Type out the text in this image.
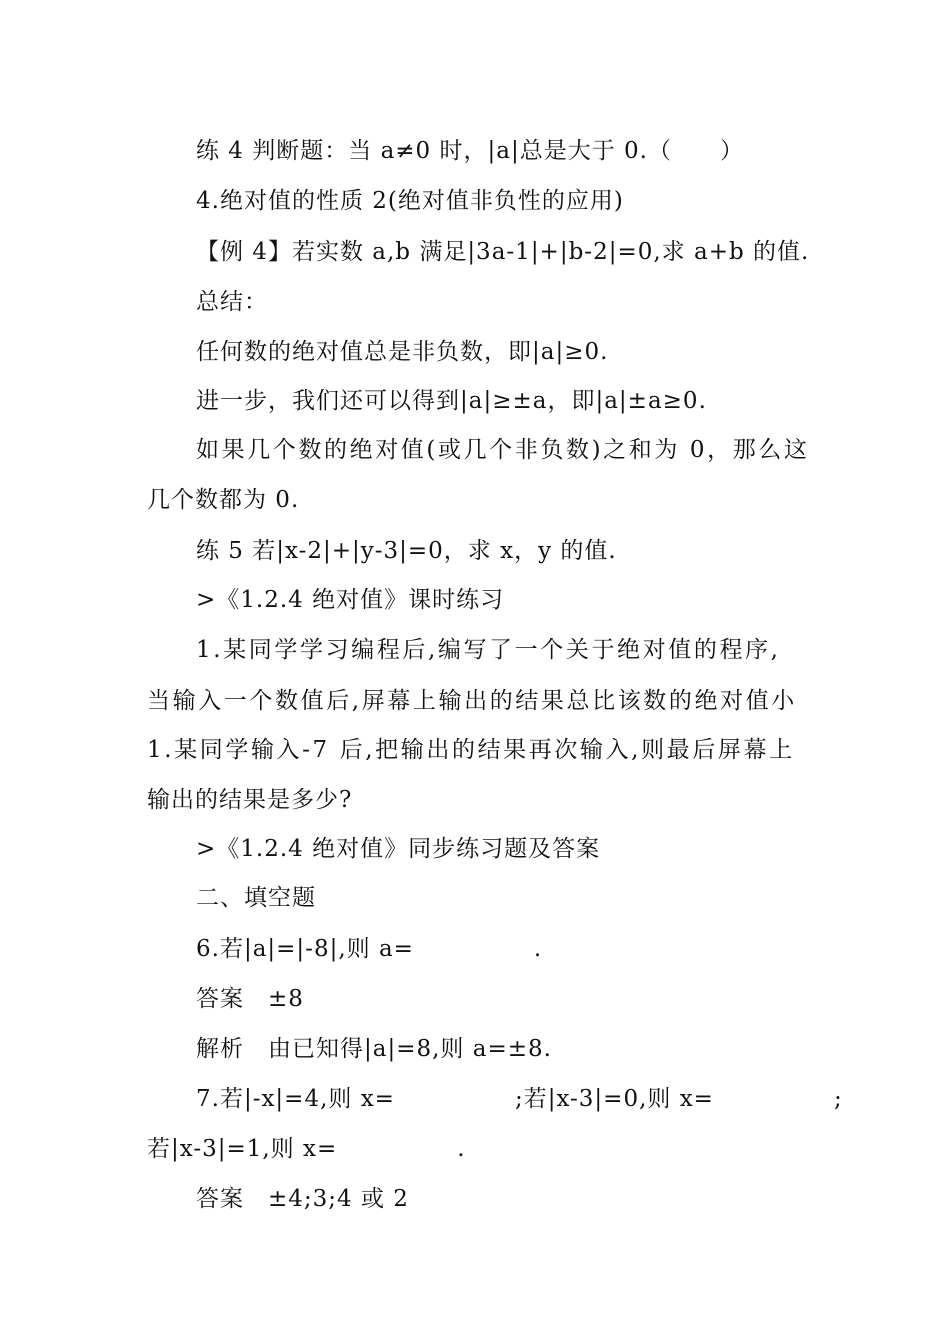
练 4 判断题：当 a≠0 时，|a|总是大于 0.（　　）
4.绝对值的性质 2(绝对值非负性的应用)
【例 4】若实数 a,b 满足|3a-1|+|b-2|=0,求 a+b 的值.
总结：
任何数的绝对值总是非负数，即|a|≥0.
进一步，我们还可以得到|a|≥±a，即|a|±a≥0.
如果几个数的绝对值(或几个非负数)之和为 0，那么这
几个数都为 0.
练 5 若|x-2|+|y-3|=0，求 x，y 的值.
>《1.2.4 绝对值》课时练习
1.某同学学习编程后,编写了一个关于绝对值的程序,
当输入一个数值后,屏幕上输出的结果总比该数的绝对值小
1.某同学输入-7 后,把输出的结果再次输入,则最后屏幕上
输出的结果是多少?
>《1.2.4 绝对值》同步练习题及答案
二、填空题
6.若|a|=|-8|,则 a=　　　　　.
答案　±8
解析　由已知得|a|=8,则 a=±8.
7.若|-x|=4,则 x=　　　　　;若|x-3|=0,则 x=　　　　　;
若|x-3|=1,则 x=　　　　　.
答案　±4;3;4 或 2
